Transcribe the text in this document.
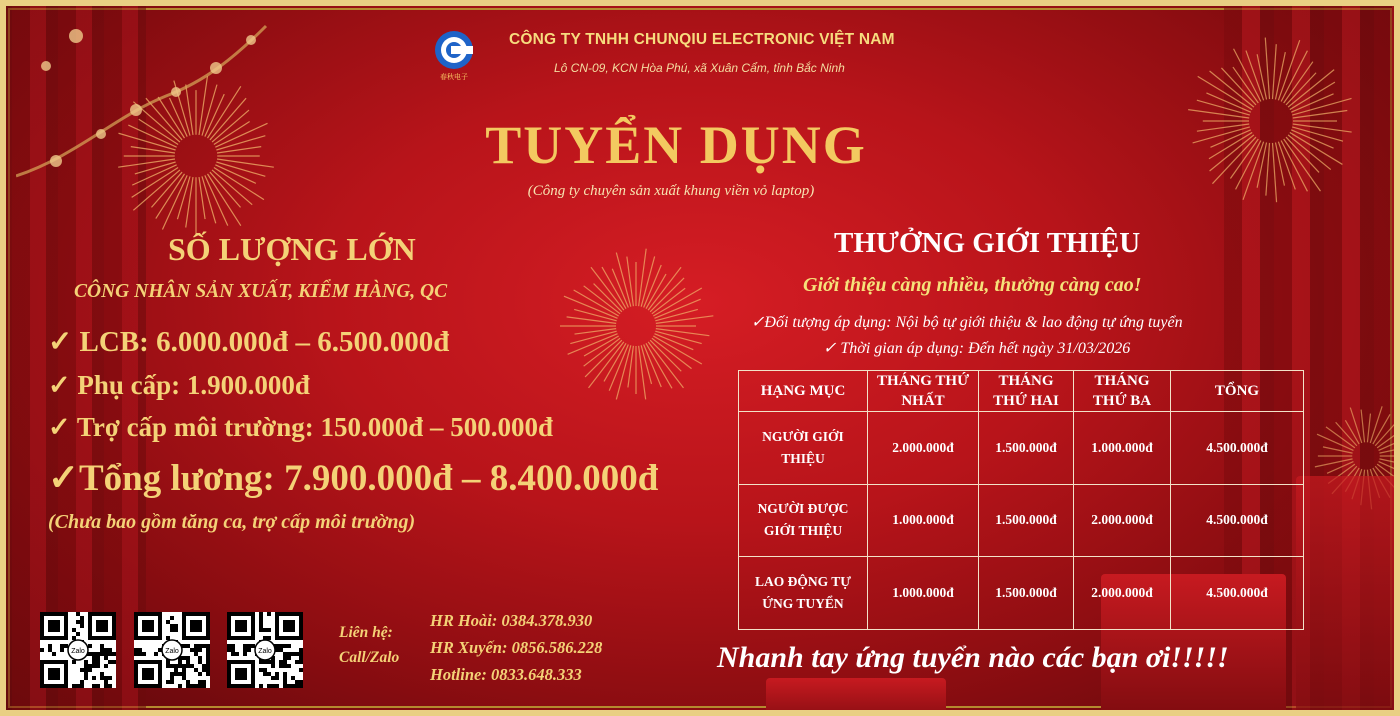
春秋电子
CÔNG TY TNHH CHUNQIU ELECTRONIC VIỆT NAM
Lô CN-09, KCN Hòa Phú, xã Xuân Cẩm, tỉnh Bắc Ninh
TUYỂN DỤNG
(Công ty chuyên sản xuất khung viền vỏ laptop)
SỐ LƯỢNG LỚN
CÔNG NHÂN SẢN XUẤT, KIỂM HÀNG, QC
✓ LCB: 6.000.000đ – 6.500.000đ
✓ Phụ cấp: 1.900.000đ
✓ Trợ cấp môi trường: 150.000đ – 500.000đ
✓Tổng lương: 7.900.000đ – 8.400.000đ
(Chưa bao gồm tăng ca, trợ cấp môi trường)
Zalo	Zalo	Zalo
Liên hệ:
Call/Zalo
HR Hoài: 0384.378.930
HR Xuyến: 0856.586.228
Hotline: 0833.648.333
THƯỞNG GIỚI THIỆU
Giới thiệu càng nhiều, thưởng càng cao!
✓Đối tượng áp dụng: Nội bộ tự giới thiệu & lao động tự ứng tuyển
✓ Thời gian áp dụng: Đến hết ngày 31/03/2026
HẠNG MỤC	THÁNG THỨ NHẤT	THÁNG THỨ HAI	THÁNG THỨ BA	TỔNG
NGƯỜI GIỚI THIỆU	2.000.000đ	1.500.000đ	1.000.000đ	4.500.000đ
NGƯỜI ĐƯỢC GIỚI THIỆU	1.000.000đ	1.500.000đ	2.000.000đ	4.500.000đ
LAO ĐỘNG TỰ ỨNG TUYỂN	1.000.000đ	1.500.000đ	2.000.000đ	4.500.000đ
Nhanh tay ứng tuyển nào các bạn ơi!!!!!
